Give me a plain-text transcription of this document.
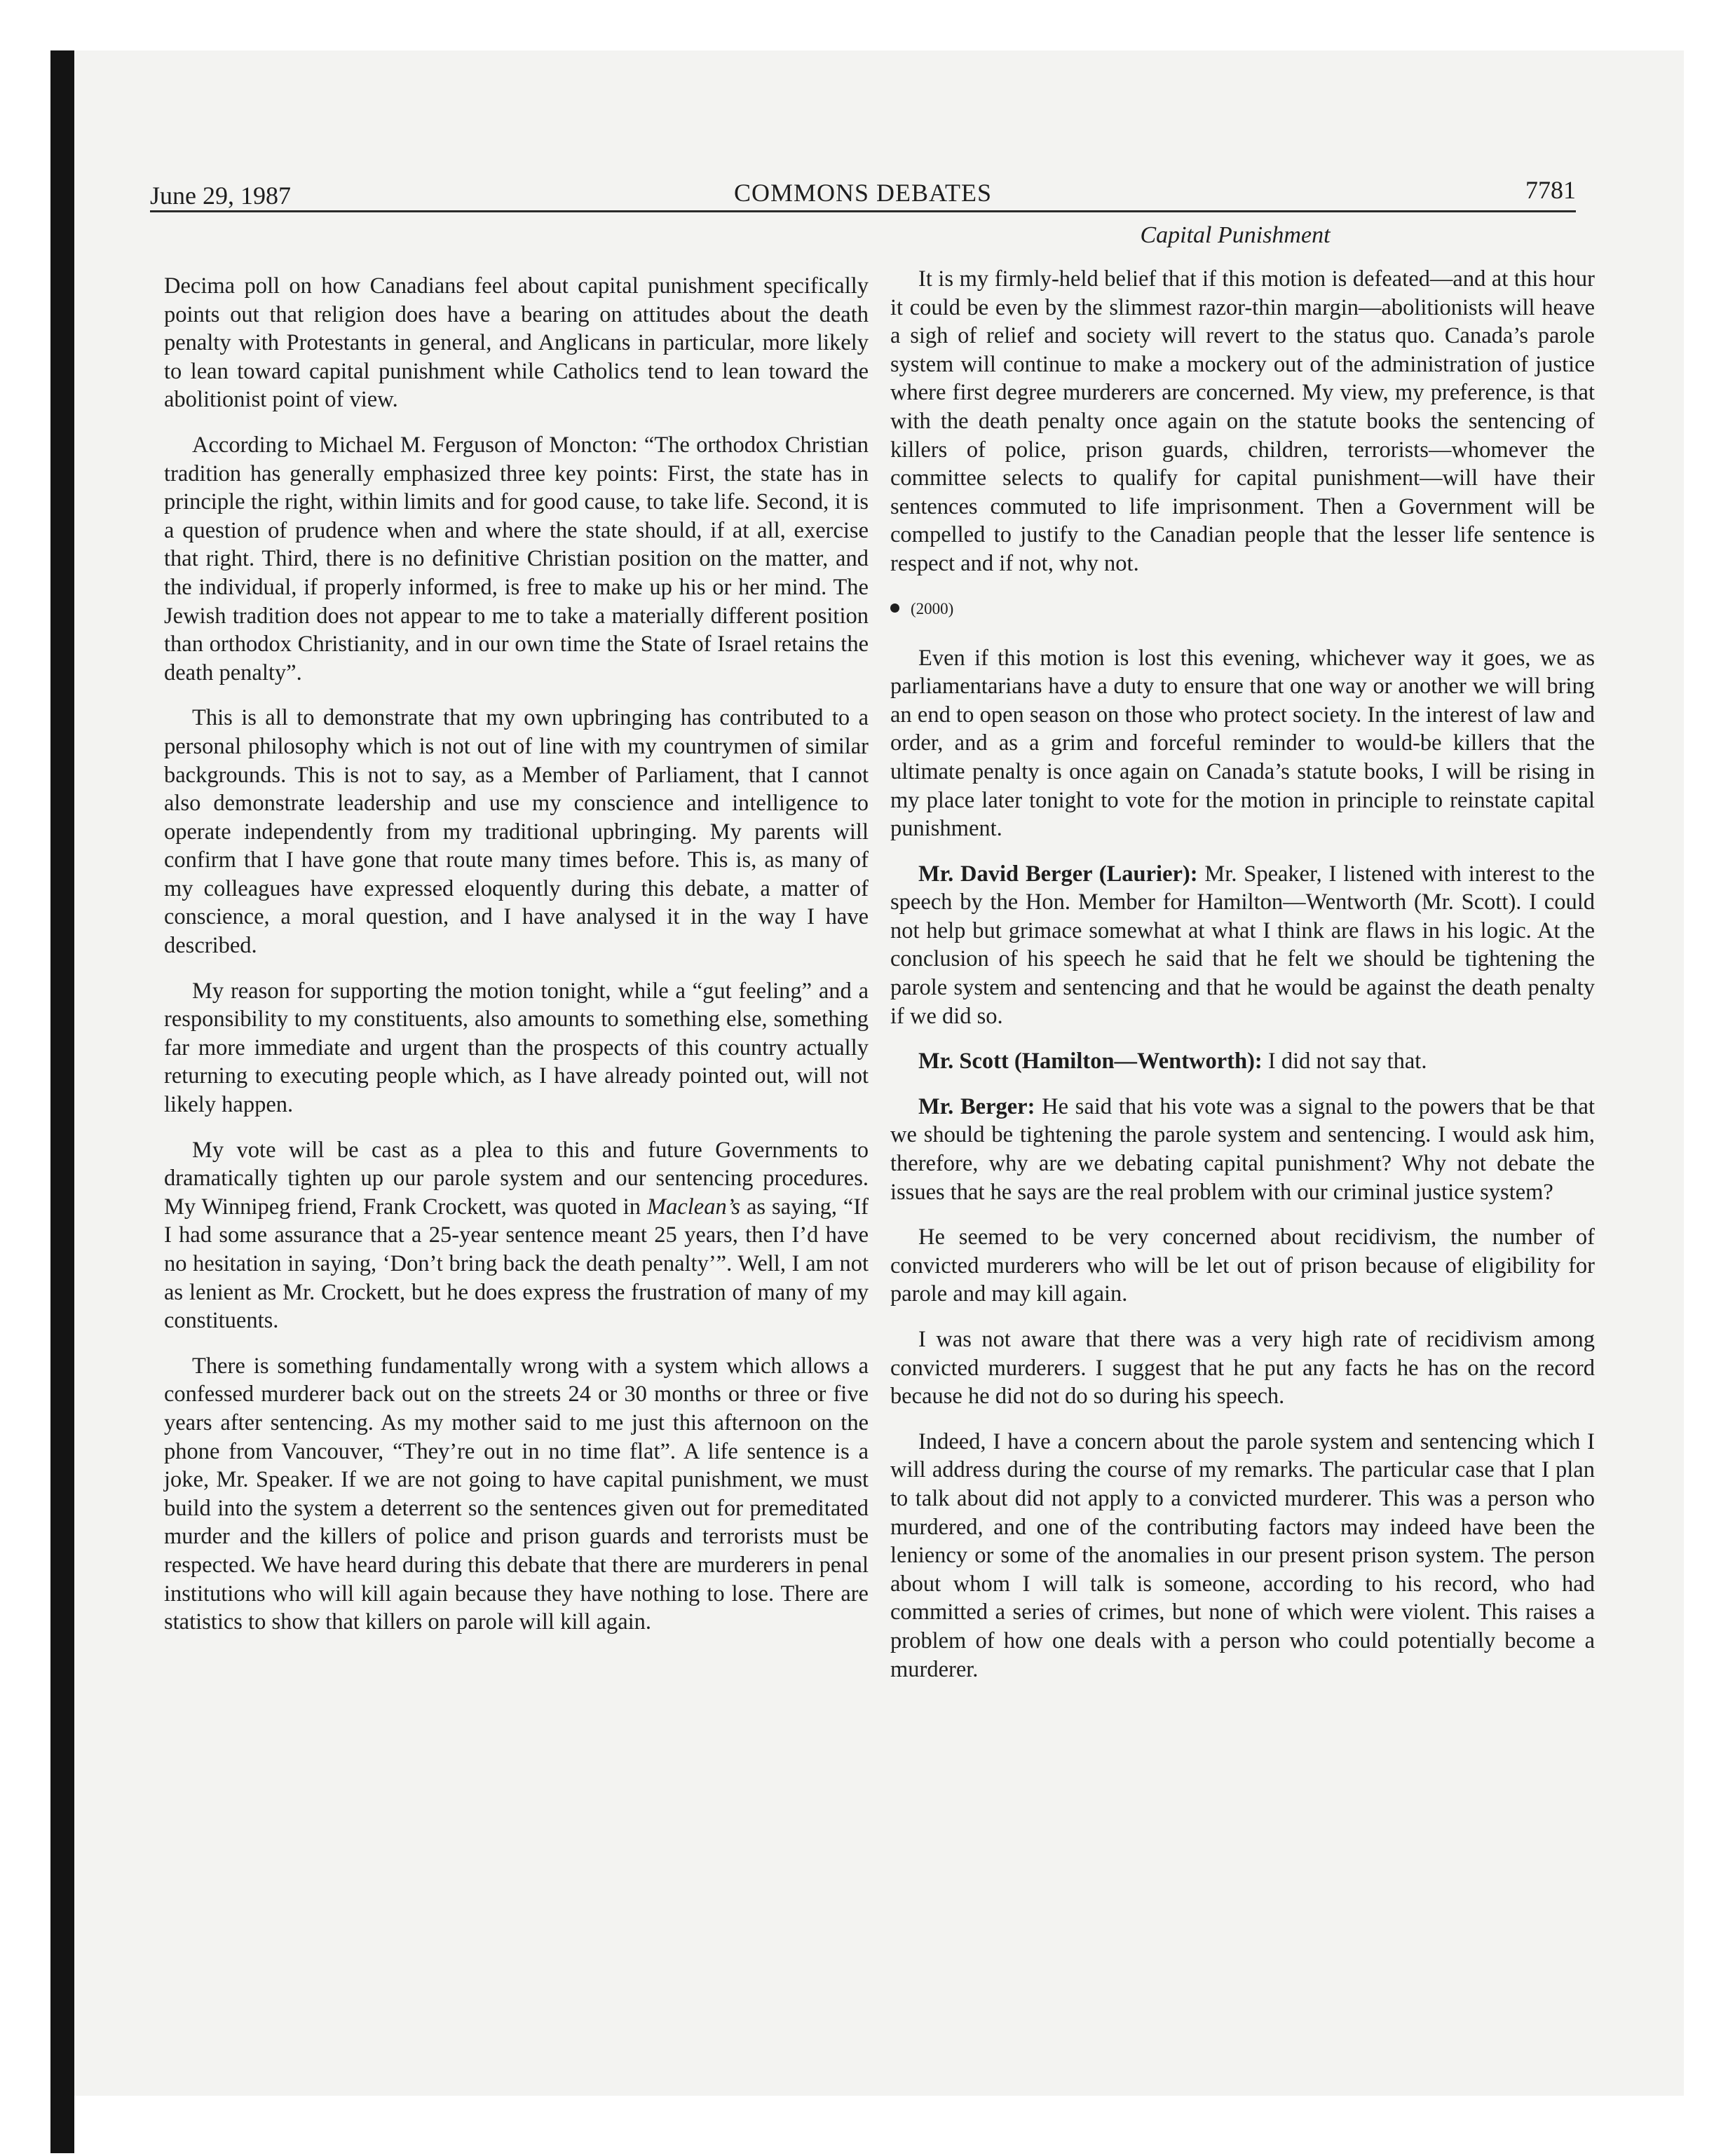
June 29, 1987	COMMONS DEBATES	7781
Capital Punishment

Decima poll on how Canadians feel about capital punishment specifically points out that religion does have a bearing on attitudes about the death penalty with Protestants in general, and Anglicans in particular, more likely to lean toward capital punishment while Catholics tend to lean toward the abolitionist point of view.

According to Michael M. Ferguson of Moncton: “The orthodox Christian tradition has generally emphasized three key points: First, the state has in principle the right, within limits and for good cause, to take life. Second, it is a question of prudence when and where the state should, if at all, exercise that right. Third, there is no definitive Christian position on the matter, and the individual, if properly informed, is free to make up his or her mind. The Jewish tradition does not appear to me to take a materially different position than orthodox Christianity, and in our own time the State of Israel retains the death penalty”.

This is all to demonstrate that my own upbringing has contributed to a personal philosophy which is not out of line with my countrymen of similar backgrounds. This is not to say, as a Member of Parliament, that I cannot also demonstrate leadership and use my conscience and intelligence to operate independently from my traditional upbringing. My parents will confirm that I have gone that route many times before. This is, as many of my colleagues have expressed eloquently during this debate, a matter of conscience, a moral question, and I have analysed it in the way I have described.

My reason for supporting the motion tonight, while a “gut feeling” and a responsibility to my constituents, also amounts to something else, something far more immediate and urgent than the prospects of this country actually returning to executing people which, as I have already pointed out, will not likely happen.

My vote will be cast as a plea to this and future Governments to dramatically tighten up our parole system and our sentencing procedures. My Winnipeg friend, Frank Crockett, was quoted in Maclean’s as saying, “If I had some assurance that a 25-year sentence meant 25 years, then I’d have no hesitation in saying, ‘Don’t bring back the death penalty’”. Well, I am not as lenient as Mr. Crockett, but he does express the frustration of many of my constituents.

There is something fundamentally wrong with a system which allows a confessed murderer back out on the streets 24 or 30 months or three or five years after sentencing. As my mother said to me just this afternoon on the phone from Vancouver, “They’re out in no time flat”. A life sentence is a joke, Mr. Speaker. If we are not going to have capital punishment, we must build into the system a deterrent so the sentences given out for premeditated murder and the killers of police and prison guards and terrorists must be respected. We have heard during this debate that there are murderers in penal institutions who will kill again because they have nothing to lose. There are statistics to show that killers on parole will kill again.

It is my firmly-held belief that if this motion is defeated—and at this hour it could be even by the slimmest razor-thin margin—abolitionists will heave a sigh of relief and society will revert to the status quo. Canada’s parole system will continue to make a mockery out of the administration of justice where first degree murderers are concerned. My view, my preference, is that with the death penalty once again on the statute books the sentencing of killers of police, prison guards, children, terrorists—whomever the committee selects to qualify for capital punishment—will have their sentences commuted to life imprisonment. Then a Government will be compelled to justify to the Canadian people that the lesser life sentence is respect and if not, why not.

(2000)

Even if this motion is lost this evening, whichever way it goes, we as parliamentarians have a duty to ensure that one way or another we will bring an end to open season on those who protect society. In the interest of law and order, and as a grim and forceful reminder to would-be killers that the ultimate penalty is once again on Canada’s statute books, I will be rising in my place later tonight to vote for the motion in principle to reinstate capital punishment.

Mr. David Berger (Laurier): Mr. Speaker, I listened with interest to the speech by the Hon. Member for Hamilton—Wentworth (Mr. Scott). I could not help but grimace somewhat at what I think are flaws in his logic. At the conclusion of his speech he said that he felt we should be tightening the parole system and sentencing and that he would be against the death penalty if we did so.

Mr. Scott (Hamilton—Wentworth): I did not say that.

Mr. Berger: He said that his vote was a signal to the powers that be that we should be tightening the parole system and sentencing. I would ask him, therefore, why are we debating capital punishment? Why not debate the issues that he says are the real problem with our criminal justice system?

He seemed to be very concerned about recidivism, the number of convicted murderers who will be let out of prison because of eligibility for parole and may kill again.

I was not aware that there was a very high rate of recidivism among convicted murderers. I suggest that he put any facts he has on the record because he did not do so during his speech.

Indeed, I have a concern about the parole system and sentencing which I will address during the course of my remarks. The particular case that I plan to talk about did not apply to a convicted murderer. This was a person who murdered, and one of the contributing factors may indeed have been the leniency or some of the anomalies in our present prison system. The person about whom I will talk is someone, according to his record, who had committed a series of crimes, but none of which were violent. This raises a problem of how one deals with a person who could potentially become a murderer.
